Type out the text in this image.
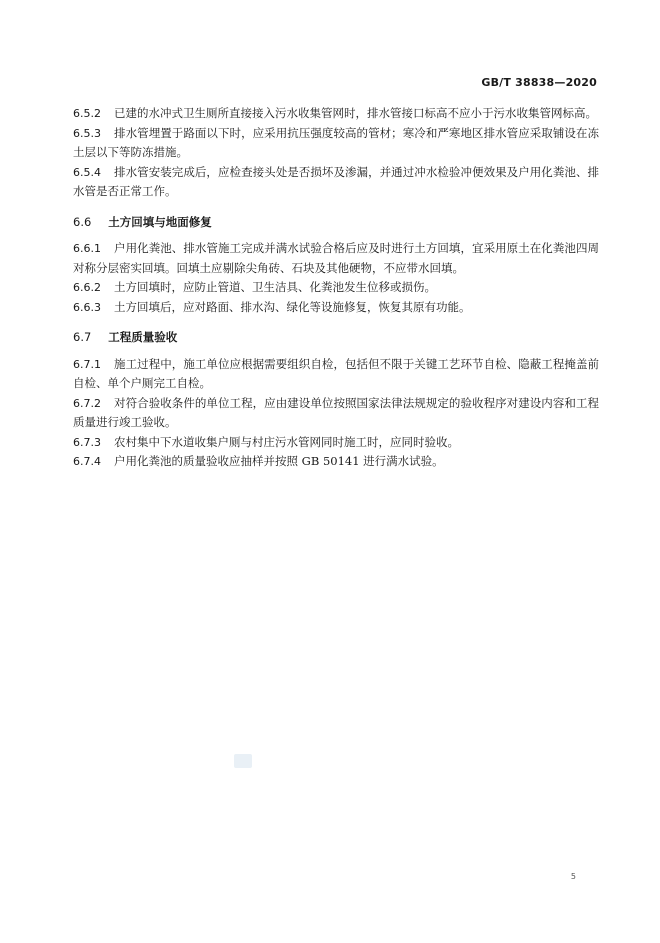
GB/T 38838—2020

6.5.2 已建的水冲式卫生厕所直接接入污水收集管网时，排水管接口标高不应小于污水收集管网标高。

6.5.3 排水管埋置于路面以下时，应采用抗压强度较高的管材；寒冷和严寒地区排水管应采取铺设在冻土层以下等防冻措施。

6.5.4 排水管安装完成后，应检查接头处是否损坏及渗漏，并通过冲水检验冲便效果及户用化粪池、排水管是否正常工作。

6.6 土方回填与地面修复

6.6.1 户用化粪池、排水管施工完成并满水试验合格后应及时进行土方回填，宜采用原土在化粪池四周对称分层密实回填。回填土应剔除尖角砖、石块及其他硬物，不应带水回填。

6.6.2 土方回填时，应防止管道、卫生洁具、化粪池发生位移或损伤。

6.6.3 土方回填后，应对路面、排水沟、绿化等设施修复，恢复其原有功能。

6.7 工程质量验收

6.7.1 施工过程中，施工单位应根据需要组织自检，包括但不限于关键工艺环节自检、隐蔽工程掩盖前自检、单个户厕完工自检。

6.7.2 对符合验收条件的单位工程，应由建设单位按照国家法律法规规定的验收程序对建设内容和工程质量进行竣工验收。

6.7.3 农村集中下水道收集户厕与村庄污水管网同时施工时，应同时验收。

6.7.4 户用化粪池的质量验收应抽样并按照 GB 50141 进行满水试验。

5
